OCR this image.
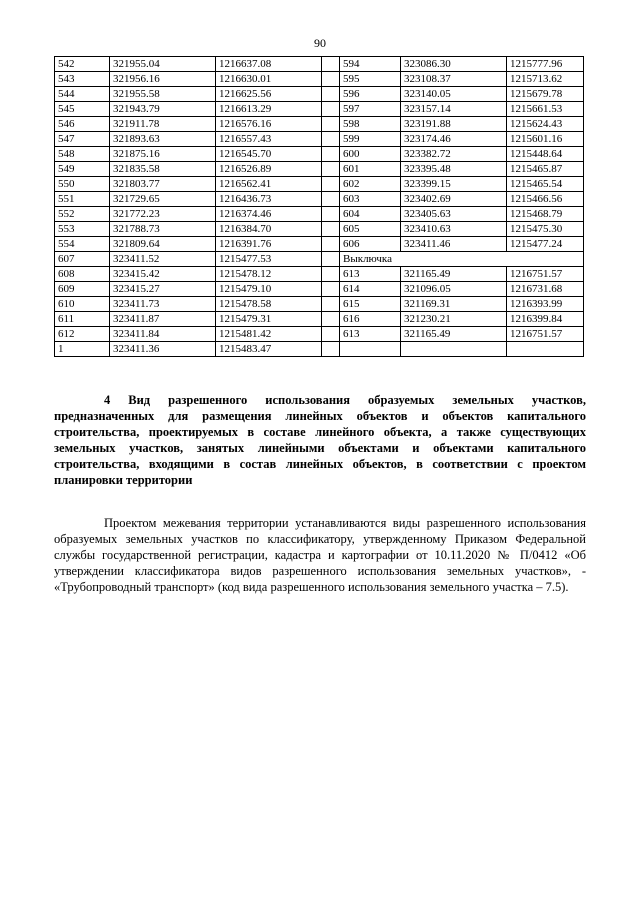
90
542	321955.04	1216637.08		594	323086.30	1215777.96
543	321956.16	1216630.01		595	323108.37	1215713.62
544	321955.58	1216625.56		596	323140.05	1215679.78
545	321943.79	1216613.29		597	323157.14	1215661.53
546	321911.78	1216576.16		598	323191.88	1215624.43
547	321893.63	1216557.43		599	323174.46	1215601.16
548	321875.16	1216545.70		600	323382.72	1215448.64
549	321835.58	1216526.89		601	323395.48	1215465.87
550	321803.77	1216562.41		602	323399.15	1215465.54
551	321729.65	1216436.73		603	323402.69	1215466.56
552	321772.23	1216374.46		604	323405.63	1215468.79
553	321788.73	1216384.70		605	323410.63	1215475.30
554	321809.64	1216391.76		606	323411.46	1215477.24
607	323411.52	1215477.53		Выключка		
608	323415.42	1215478.12		613	321165.49	1216751.57
609	323415.27	1215479.10		614	321096.05	1216731.68
610	323411.73	1215478.58		615	321169.31	1216393.99
611	323411.87	1215479.31		616	321230.21	1216399.84
612	323411.84	1215481.42		613	321165.49	1216751.57
1	323411.36	1215483.47				
4 Вид разрешенного использования образуемых земельных участков, предназначенных для размещения линейных объектов и объектов капитального строительства, проектируемых в составе линейного объекта, а также существующих земельных участков, занятых линейными объектами и объектами капитального строительства, входящими в состав линейных объектов, в соответствии с проектом планировки территории
Проектом межевания территории устанавливаются виды разрешенного использования образуемых земельных участков по классификатору, утвержденному Приказом Федеральной службы государственной регистрации, кадастра и картографии от 10.11.2020 № П/0412 «Об утверждении классификатора видов разрешенного использования земельных участков», - «Трубопроводный транспорт» (код вида разрешенного использования земельного участка – 7.5).
